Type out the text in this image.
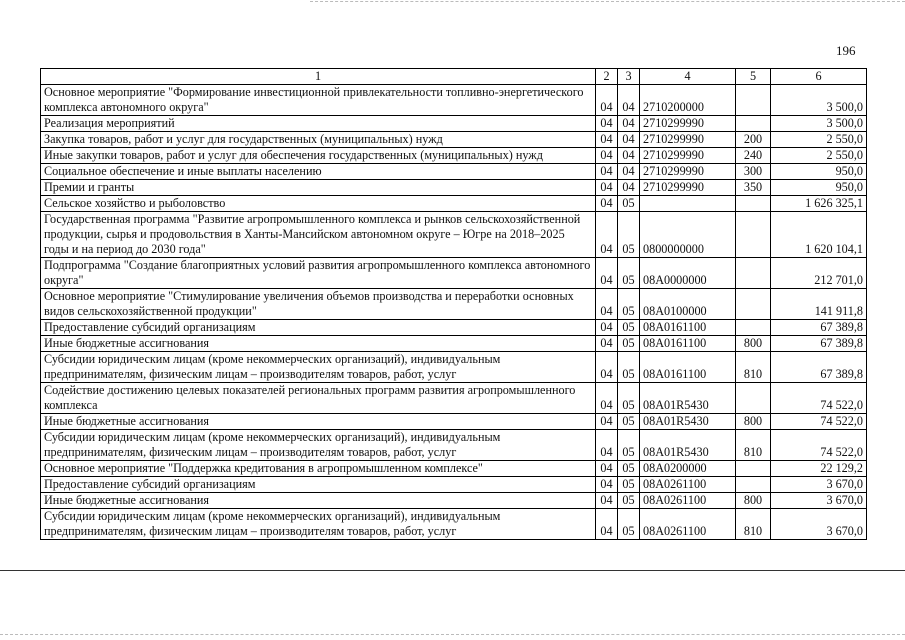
196
1	2	3	4	5	6
Основное мероприятие "Формирование инвестиционной привлекательности топливно-энергетического комплекса автономного округа"	04	04	2710200000		3 500,0
Реализация мероприятий	04	04	2710299990		3 500,0
Закупка товаров, работ и услуг для государственных (муниципальных) нужд	04	04	2710299990	200	2 550,0
Иные закупки товаров, работ и услуг для обеспечения государственных (муниципальных) нужд	04	04	2710299990	240	2 550,0
Социальное обеспечение и иные выплаты населению	04	04	2710299990	300	950,0
Премии и гранты	04	04	2710299990	350	950,0
Сельское хозяйство и рыболовство	04	05			1 626 325,1
Государственная программа "Развитие агропромышленного комплекса и рынков сельскохозяйственной продукции, сырья и продовольствия в Ханты-Мансийском автономном округе – Югре на 2018–2025 годы и на период до 2030 года"	04	05	0800000000		1 620 104,1
Подпрограмма "Создание благоприятных условий развития агропромышленного комплекса автономного округа"	04	05	08А0000000		212 701,0
Основное мероприятие "Стимулирование увеличения объемов производства и переработки основных видов сельскохозяйственной продукции"	04	05	08А0100000		141 911,8
Предоставление субсидий организациям	04	05	08А0161100		67 389,8
Иные бюджетные ассигнования	04	05	08А0161100	800	67 389,8
Субсидии юридическим лицам (кроме некоммерческих организаций), индивидуальным предпринимателям, физическим лицам – производителям товаров, работ, услуг	04	05	08А0161100	810	67 389,8
Содействие достижению целевых показателей региональных программ развития агропромышленного комплекса	04	05	08А01R5430		74 522,0
Иные бюджетные ассигнования	04	05	08А01R5430	800	74 522,0
Субсидии юридическим лицам (кроме некоммерческих организаций), индивидуальным предпринимателям, физическим лицам – производителям товаров, работ, услуг	04	05	08А01R5430	810	74 522,0
Основное мероприятие "Поддержка кредитования в агропромышленном комплексе"	04	05	08А0200000		22 129,2
Предоставление субсидий организациям	04	05	08А0261100		3 670,0
Иные бюджетные ассигнования	04	05	08А0261100	800	3 670,0
Субсидии юридическим лицам (кроме некоммерческих организаций), индивидуальным предпринимателям, физическим лицам – производителям товаров, работ, услуг	04	05	08А0261100	810	3 670,0
